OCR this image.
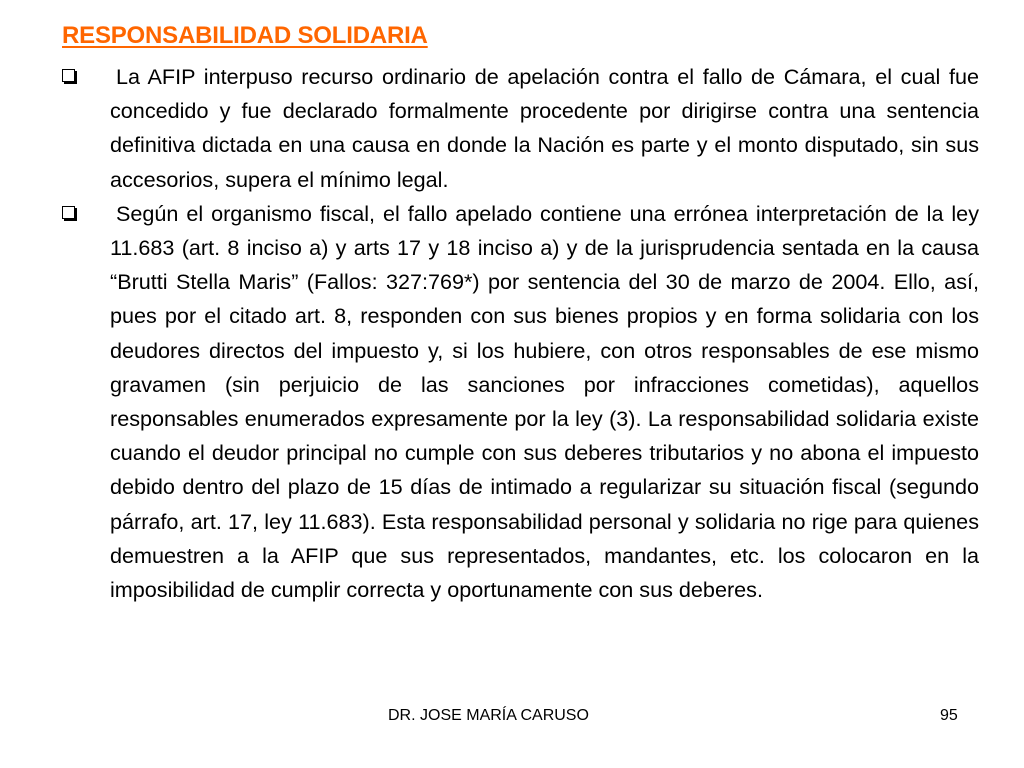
RESPONSABILIDAD SOLIDARIA

La AFIP interpuso recurso ordinario de apelación contra el fallo de Cámara, el cual fue concedido y fue declarado formalmente procedente por dirigirse contra una sentencia definitiva dictada en una causa en donde la Nación es parte y el monto disputado, sin sus accesorios, supera el mínimo legal.

Según el organismo fiscal, el fallo apelado contiene una errónea interpretación de la ley 11.683 (art. 8 inciso a) y arts 17 y 18 inciso a) y de la jurisprudencia sentada en la causa “Brutti Stella Maris” (Fallos: 327:769*) por sentencia del 30 de marzo de 2004. Ello, así, pues por el citado art. 8, responden con sus bienes propios y en forma solidaria con los deudores directos del impuesto y, si los hubiere, con otros responsables de ese mismo gravamen (sin perjuicio de las sanciones por infracciones cometidas), aquellos responsables enumerados expresamente por la ley (3). La responsabilidad solidaria existe cuando el deudor principal no cumple con sus deberes tributarios y no abona el impuesto debido dentro del plazo de 15 días de intimado a regularizar su situación fiscal (segundo párrafo, art. 17, ley 11.683). Esta responsabilidad personal y solidaria no rige para quienes demuestren a la AFIP que sus representados, mandantes, etc. los colocaron en la imposibilidad de cumplir correcta y oportunamente con sus deberes.

DR. JOSE MARÍA CARUSO	95
